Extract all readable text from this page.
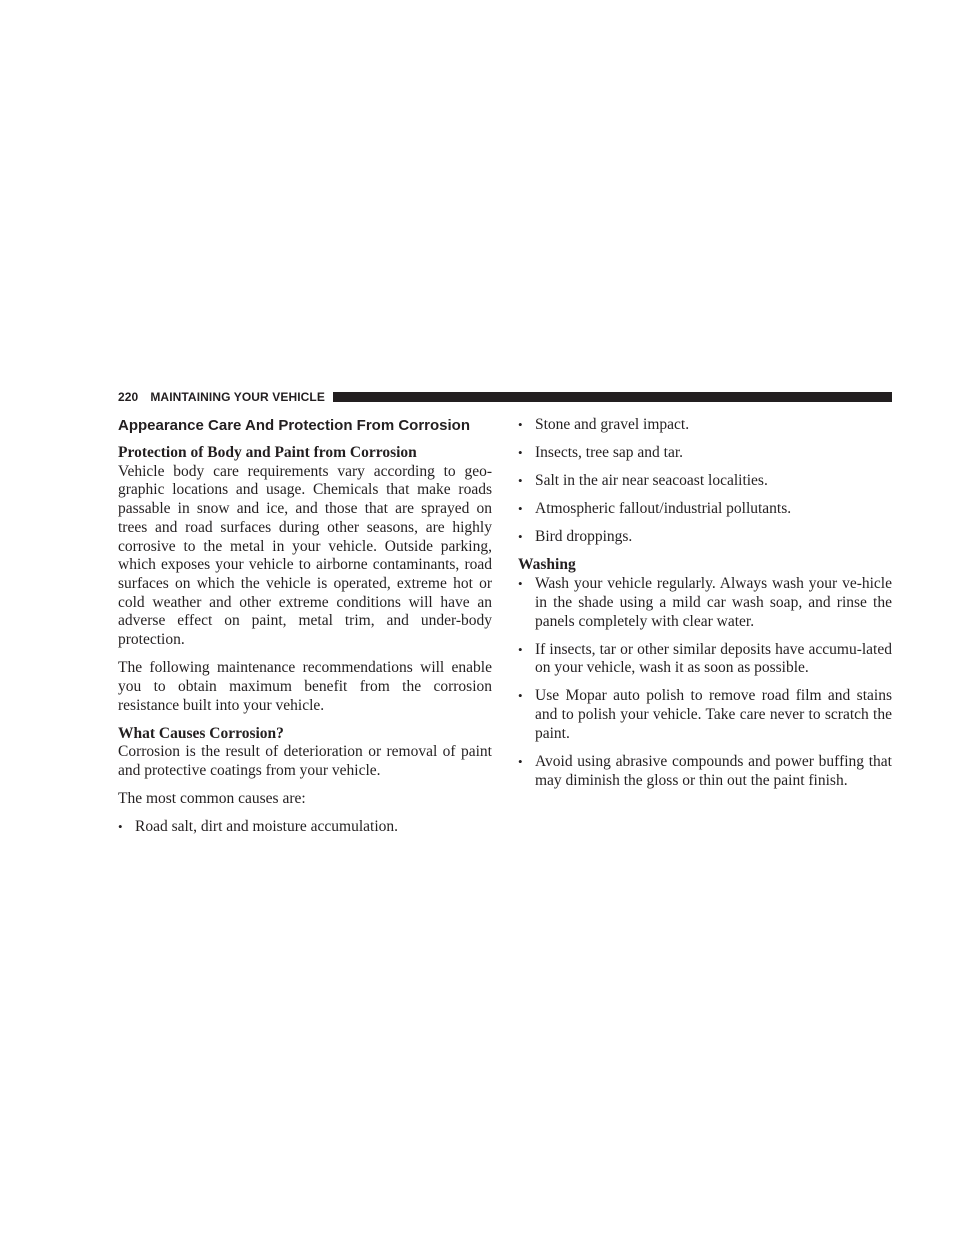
220 MAINTAINING YOUR VEHICLE
Appearance Care And Protection From Corrosion
Protection of Body and Paint from Corrosion

Vehicle body care requirements vary according to geo-graphic locations and usage. Chemicals that make roads passable in snow and ice, and those that are sprayed on trees and road surfaces during other seasons, are highly corrosive to the metal in your vehicle. Outside parking, which exposes your vehicle to airborne contaminants, road surfaces on which the vehicle is operated, extreme hot or cold weather and other extreme conditions will have an adverse effect on paint, metal trim, and under-body protection.

The following maintenance recommendations will enable you to obtain maximum benefit from the corrosion resistance built into your vehicle.

What Causes Corrosion?

Corrosion is the result of deterioration or removal of paint and protective coatings from your vehicle.

The most common causes are:

•
Road salt, dirt and moisture accumulation.
•
Stone and gravel impact.
•
Insects, tree sap and tar.
•
Salt in the air near seacoast localities.
•
Atmospheric fallout/industrial pollutants.
•
Bird droppings.
Washing
•
Wash your vehicle regularly. Always wash your ve-hicle in the shade using a mild car wash soap, and rinse the panels completely with clear water.
•
If insects, tar or other similar deposits have accumu-lated on your vehicle, wash it as soon as possible.
•
Use Mopar auto polish to remove road film and stains and to polish your vehicle. Take care never to scratch the paint.
•
Avoid using abrasive compounds and power buffing that may diminish the gloss or thin out the paint finish.
